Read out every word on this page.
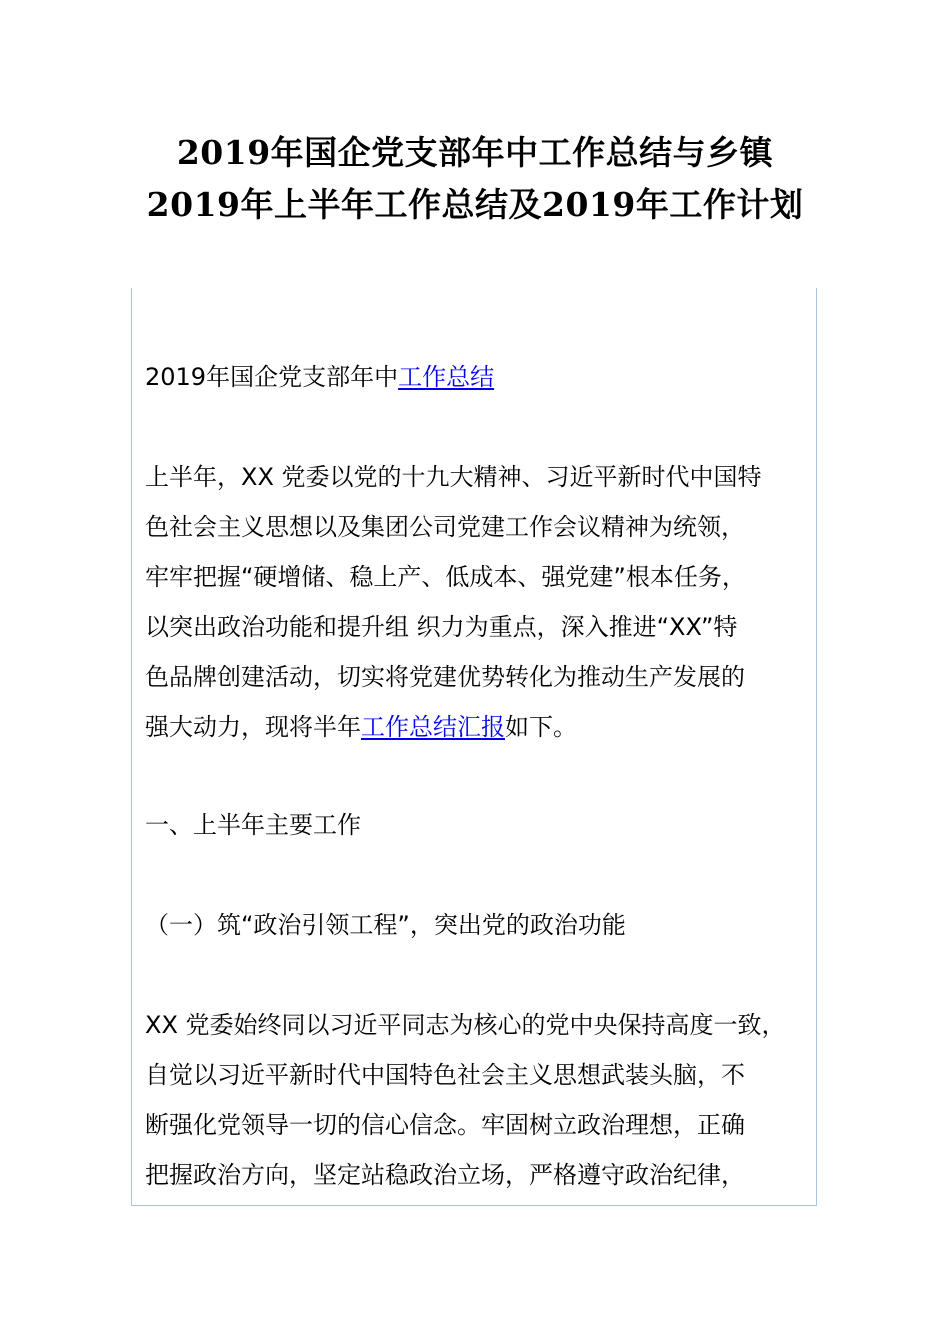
2019年国企党支部年中工作总结与乡镇
2019年上半年工作总结及2019年工作计划

2019年国企党支部年中工作总结

上半年，XX 党委以党的十九大精神、习近平新时代中国特

色社会主义思想以及集团公司党建工作会议精神为统领，

牢牢把握“硬增储、稳上产、低成本、强党建”根本任务，

以突出政治功能和提升组 织力为重点，深入推进“XX”特

色品牌创建活动，切实将党建优势转化为推动生产发展的

强大动力，现将半年工作总结汇报如下。

一、上半年主要工作

（一）筑“政治引领工程”，突出党的政治功能

XX 党委始终同以习近平同志为核心的党中央保持高度一致，

自觉以习近平新时代中国特色社会主义思想武装头脑，不

断强化党领导一切的信心信念。牢固树立政治理想，正确

把握政治方向，坚定站稳政治立场，严格遵守政治纪律，
